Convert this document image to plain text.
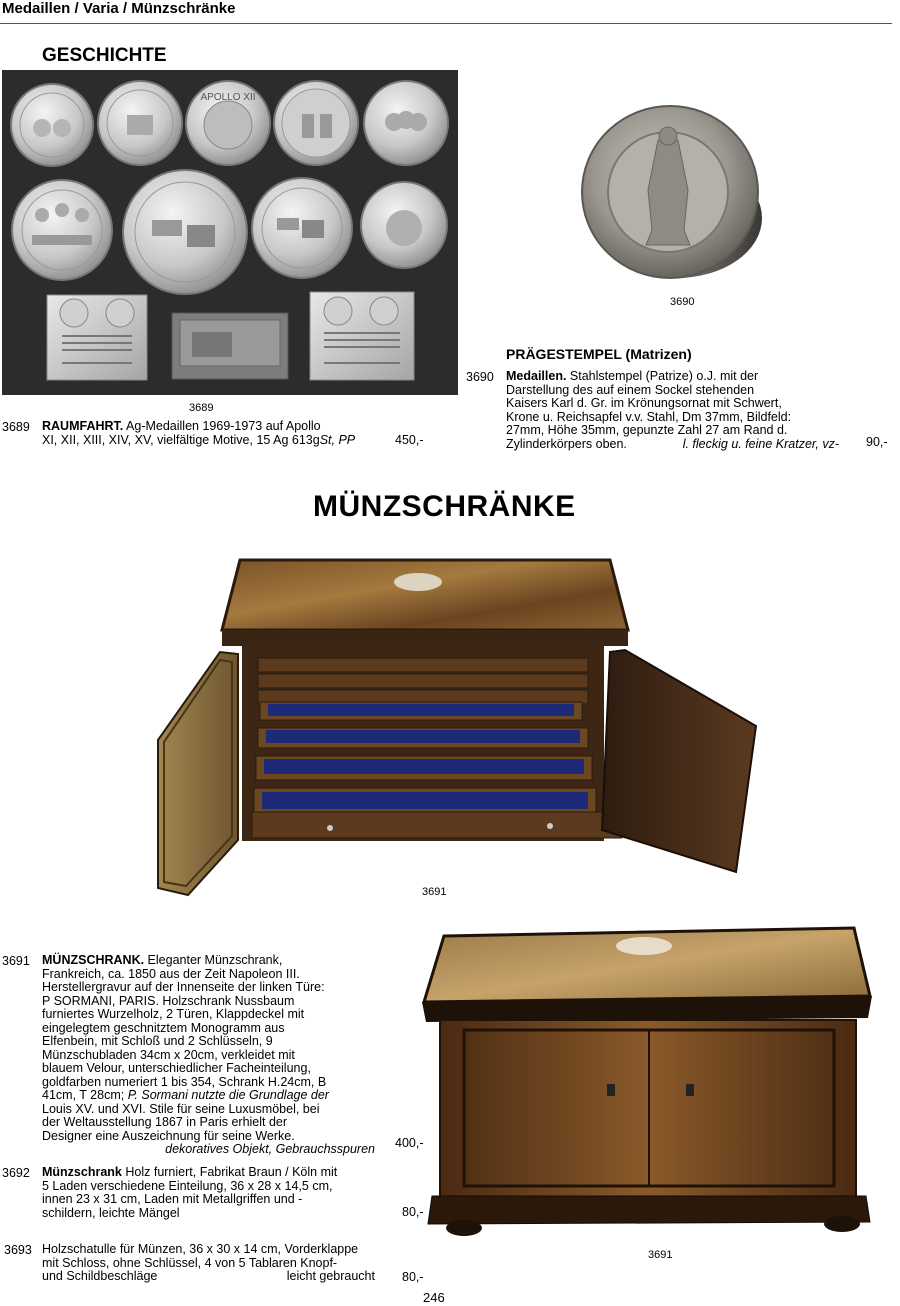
Medaillen / Varia / Münzschränke
GESCHICHTE
APOLLO XII
3689
3689 RAUMFAHRT. Ag-Medaillen 1969-1973 auf Apollo
XI, XII, XIII, XIV, XV, vielfältige Motive, 15 Ag 613gSt, PP	450,-
3690
PRÄGESTEMPEL (Matrizen)
3690 Medaillen. Stahlstempel (Patrize) o.J. mit der
Darstellung des auf einem Sockel stehenden
Kaisers Karl d. Gr. im Krönungsornat mit Schwert,
Krone u. Reichsapfel v.v. Stahl, Dm 37mm, Bildfeld:
27mm, Höhe 35mm, gepunzte Zahl 27 am Rand d.
Zylinderkörpers oben.	l. fleckig u. feine Kratzer, vz- 90,-
MÜNZSCHRÄNKE
3691
3691
3691 MÜNZSCHRANK. Eleganter Münzschrank,
Frankreich, ca. 1850 aus der Zeit Napoleon III.
Herstellergravur auf der Innenseite der linken Türe:
P SORMANI, PARIS. Holzschrank Nussbaum
furniertes Wurzelholz, 2 Türen, Klappdeckel mit
eingelegtem geschnitztem Monogramm aus
Elfenbein, mit Schloß und 2 Schlüsseln, 9
Münzschubladen 34cm x 20cm, verkleidet mit
blauem Velour, unterschiedlicher Facheinteilung,
goldfarben numeriert 1 bis 354, Schrank H.24cm, B
41cm, T 28cm; P. Sormani nutzte die Grundlage der
Louis XV. und XVI. Stile für seine Luxusmöbel, bei
der Weltausstellung 1867 in Paris erhielt der
Designer eine Auszeichnung für seine Werke.
dekoratives Objekt, Gebrauchsspuren 400,-
3692 Münzschrank Holz furniert, Fabrikat Braun / Köln mit
5 Laden verschiedene Einteilung, 36 x 28 x 14,5 cm,
innen 23 x 31 cm, Laden mit Metallgriffen und -
schildern, leichte Mängel	80,-
3693 Holzschatulle für Münzen, 36 x 30 x 14 cm, Vorderklappe
mit Schloss, ohne Schlüssel, 4 von 5 Tablaren Knopf-
und Schildbeschläge	leicht gebraucht 80,-
246
